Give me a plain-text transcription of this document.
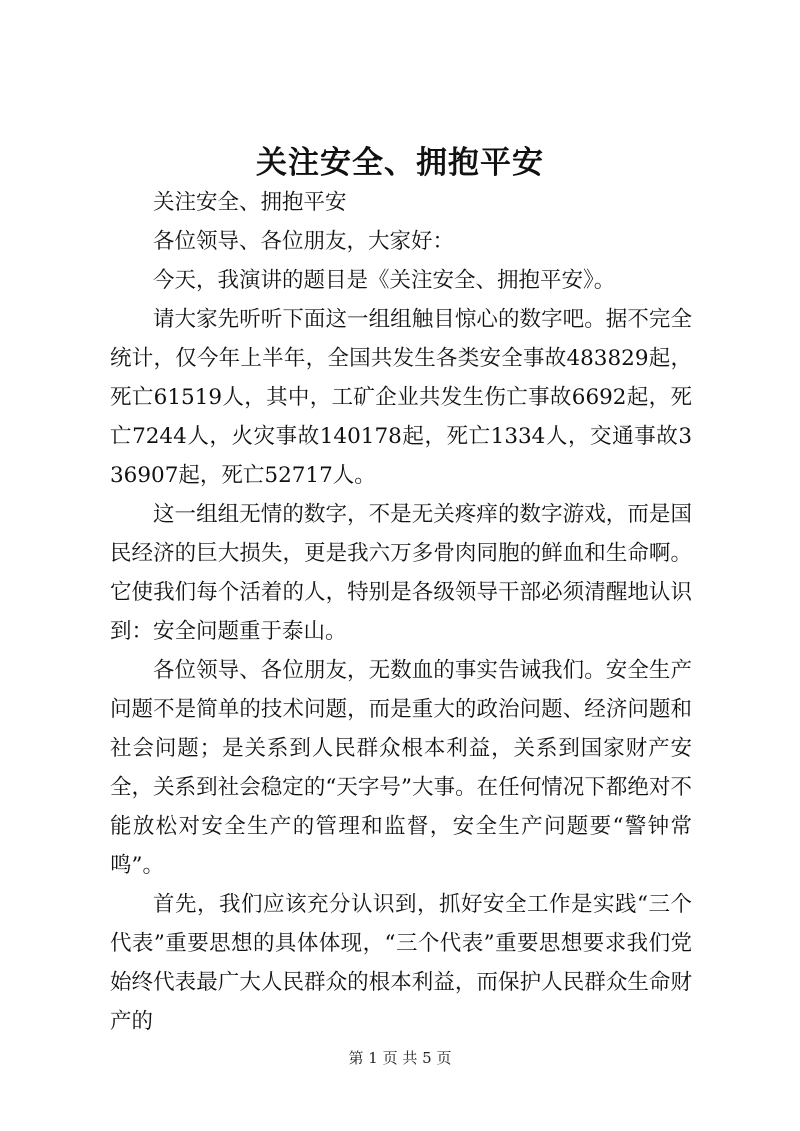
关注安全、拥抱平安

关注安全、拥抱平安

各位领导、各位朋友，大家好：

今天，我演讲的题目是《关注安全、拥抱平安》。

请大家先听听下面这一组组触目惊心的数字吧。据不完全统计，仅今年上半年，全国共发生各类安全事故483829起，死亡61519人，其中，工矿企业共发生伤亡事故6692起，死亡7244人，火灾事故140178起，死亡1334人，交通事故336907起，死亡52717人。

这一组组无情的数字，不是无关疼痒的数字游戏，而是国民经济的巨大损失，更是我六万多骨肉同胞的鲜血和生命啊。它使我们每个活着的人，特别是各级领导干部必须清醒地认识到：安全问题重于泰山。

各位领导、各位朋友，无数血的事实告诫我们。安全生产问题不是简单的技术问题，而是重大的政治问题、经济问题和社会问题；是关系到人民群众根本利益，关系到国家财产安全，关系到社会稳定的“天字号”大事。在任何情况下都绝对不能放松对安全生产的管理和监督，安全生产问题要“警钟常鸣”。

首先，我们应该充分认识到，抓好安全工作是实践“三个代表”重要思想的具体体现，“三个代表”重要思想要求我们党始终代表最广大人民群众的根本利益，而保护人民群众生命财产的

第 1 页 共 5 页
